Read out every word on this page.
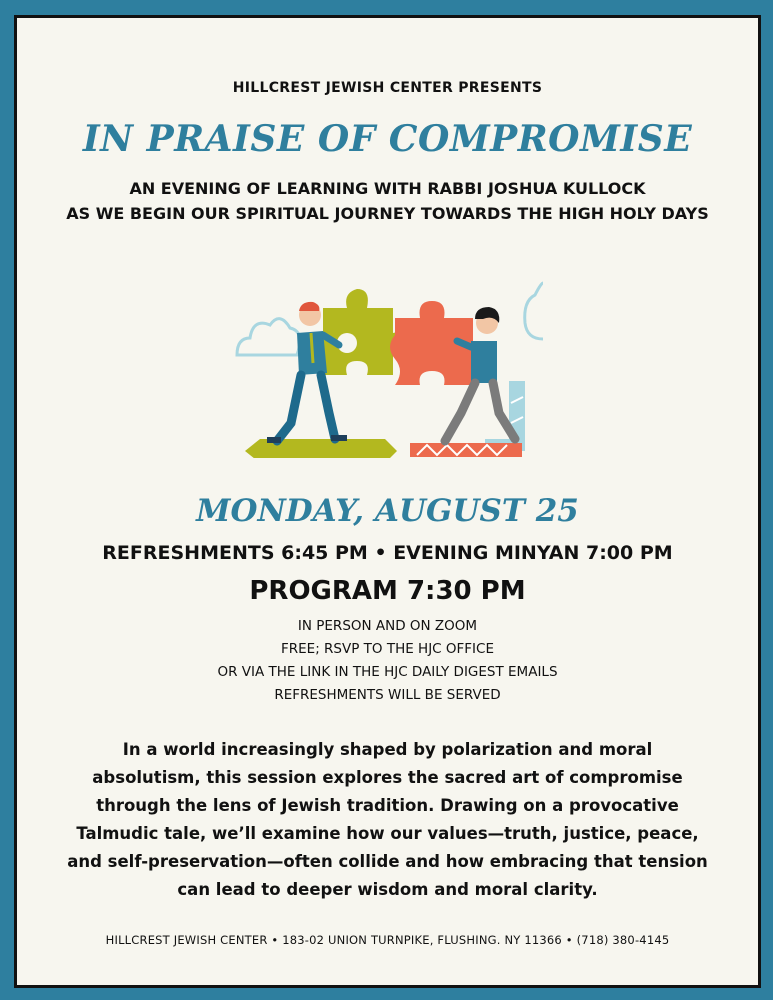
HILLCREST JEWISH CENTER PRESENTS

IN PRAISE OF COMPROMISE
AN EVENING OF LEARNING WITH RABBI JOSHUA KULLOCK
AS WE BEGIN OUR SPIRITUAL JOURNEY TOWARDS THE HIGH HOLY DAYS
MONDAY, AUGUST 25

REFRESHMENTS 6:45 PM • EVENING MINYAN 7:00 PM

PROGRAM 7:30 PM

IN PERSON AND ON ZOOM
FREE; RSVP TO THE HJC OFFICE
OR VIA THE LINK IN THE HJC DAILY DIGEST EMAILS
REFRESHMENTS WILL BE SERVED

In a world increasingly shaped by polarization and moral absolutism, this session explores the sacred art of compromise through the lens of Jewish tradition. Drawing on a provocative Talmudic tale, we’ll examine how our values—truth, justice, peace, and self-preservation—often collide and how embracing that tension can lead to deeper wisdom and moral clarity.

HILLCREST JEWISH CENTER • 183-02 UNION TURNPIKE, FLUSHING. NY 11366 • (718) 380-4145
